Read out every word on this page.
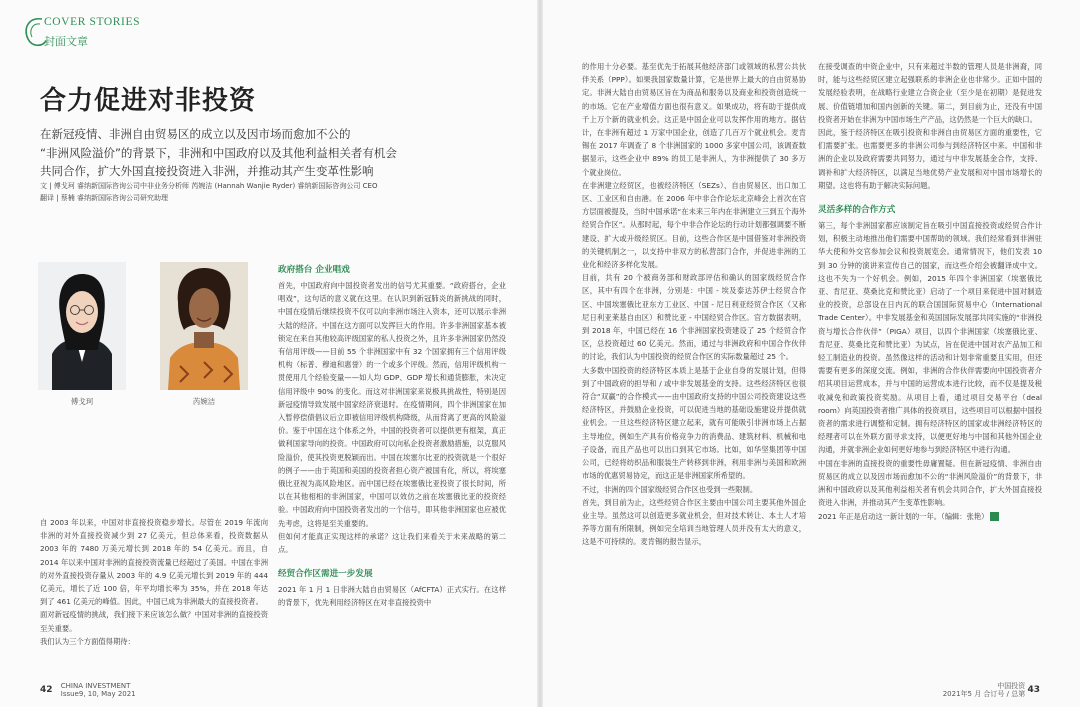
COVER STORIES
封面文章
合力促进对非投资
在新冠疫情、非洲自由贸易区的成立以及因市场而愈加不公的
“非洲风险溢价”的背景下，非洲和中国政府以及其他利益相关者有机会
共同合作，扩大外国直接投资进入非洲，并推动其产生变革性影响
文 | 傅戈珂 睿纳新国际咨询公司中非业务分析师 芮婉洁 (Hannah Wanjie Ryder) 睿纳新国际咨询公司 CEO
翻译 | 蔡楠 睿纳新国际咨询公司研究助理
傅戈珂	芮婉洁

自 2003 年以来，中国对非直接投资稳步增长。尽管在 2019 年流向非洲的对外直接投资减少到 27 亿美元，但总体来看，投资数据从 2003 年的 7480 万美元增长到 2018 年的 54 亿美元。而且，自 2014 年以来中国对非洲的直接投资流量已经超过了美国。中国在非洲的对外直接投资存量从 2003 年的 4.9 亿美元增长到 2019 年的 444 亿美元，增长了近 100 倍，年平均增长率为 35%，并在 2018 年达到了 461 亿美元的峰值。因此，中国已成为非洲最大的直接投资者。

面对新冠疫情的挑战，我们接下来应该怎么做？中国对非洲的直接投资至关重要。

我们认为三个方面值得期待：

政府搭台 企业唱戏

首先，中国政府向中国投资者发出的信号尤其重要。“政府搭台，企业唱戏”，这句话的意义就在这里。在认识到新冠肺炎的新挑战的同时，中国在疫情后继续投资不仅可以向非洲市场注入资本，还可以展示非洲大陆的经济。中国在这方面可以发挥巨大的作用。许多非洲国家基本被锁定在来自其他较高评级国家的私人投资之外，且许多非洲国家仍然没有信用评级——目前 55 个非洲国家中有 32 个国家拥有三个信用评级机构（标普、穆迪和惠誉）的一个或多个评级。然而，信用评级机构一贯使用几个经验变量——如人均 GDP、GDP 增长和通货膨胀，未决定信用评级中 90% 的变化。而这对非洲国家来说极具挑战性，特别是因新冠疫情导致发展中国家经济衰退时。在疫情期间，四个非洲国家在加入暂停偿债倡议后立即被信用评级机构降级，从而背离了更高的风险溢价。鉴于中国在这个体系之外，中国的投资者可以提供更有框架，真正做利国家导向的投资。中国政府可以向私企投资者激励措施，以克服风险溢价，使其投资更脱颖而出。中国在埃塞尔比亚的投资就是一个很好的例子——由于英国和美国的投资者担心资产被国有化，所以，将埃塞俄比亚视为高风险地区。而中国已经在埃塞俄比亚投资了很长时间，所以在其他相相的非洲国家，中国可以效仿之前在埃塞俄比亚的投资经验。中国政府向中国投资者发出的一个信号，即其他非洲国家也应被优先考虑，这将是至关重要的。

但如何才能真正实现这样的承诺？这让我们来看关于未来战略的第二点。

经贸合作区需进一步发展

2021 年 1 月 1 日非洲大陆自由贸易区（AfCFTA）正式实行。在这样的背景下，优先利用经济特区在对非直接投资中

42 CHINA INVESTMENT
Issue9, 10, May 2021

的作用十分必要。基至优先于拓展其他经济部门或领域的私营公共伙伴关系（PPP）。如果我国家数量计算，它是世界上最大的自由贸易协定。非洲大陆自由贸易区旨在为商品和服务以及商业和投资创造统一的市场。它在产业增值方面也很有意义。如果成功，将有助于提供成千上万个新的就业机会。这正是中国企业可以发挥作用的地方。据估计，在非洲有超过 1 万家中国企业，创造了几百万个就业机会。麦肯锡在 2017 年调查了 8 个非洲国家的 1000 多家中国公司，该调查数据显示，这些企业中 89% 的员工是非洲人，为非洲提供了 30 多万个就业岗位。

在非洲建立经贸区，也被经济特区（SEZs）、自由贸易区、出口加工区、工业区和自由港。在 2006 年中非合作论坛北京峰会上首次在官方层面被提及，当时中国承诺“在未来三年内在非洲建立三到五个海外经贸合作区”。从那时起，每个中非合作论坛的行动计划都强调要不断建设、扩大或升级经贸区。目前，这些合作区是中国借鉴对非洲投资的关键机制之一，以支持中非双方的私营部门合作，并促进非洲的工业化和经济多样化发展。

目前，共有 20 个被商务部和财政部评估和确认的国家级经贸合作区，其中有四个在非洲，分别是：中国 - 埃及泰达苏伊士经贸合作区、中国埃塞俄比亚东方工业区、中国 - 尼日利亚经贸合作区（又称尼日利亚莱基自由区）和赞比亚 - 中国经贸合作区。官方数据表明，到 2018 年，中国已经在 16 个非洲国家投资建设了 25 个经贸合作区，总投资超过 60 亿美元。然而，通过与非洲政府和中国合作伙伴的讨论，我们认为中国投资的经贸合作区的实际数量超过 25 个。

大多数中国投资的经济特区本质上是基于企业自身的发展计划，但得到了中国政府的担导和 / 或中非发展基金的支持。这些经济特区也很符合“双赢”的合作模式——由中国政府支持的中国公司投资建设这些经济特区，并鼓励企业投资，可以促进当地的基础设施建设并提供就业机会。一旦这些经济特区建立起来，就有可能吸引非洲市场上占据主导地位，例如生产具有价格竞争力的消费品、建筑材料、机械和电子设备，而且产品也可以出口到其它市场。比如，如华坚集团等中国公司，已经将纺织品和服装生产转移到非洲，利用非洲与美国和欧洲市场的优惠贸易协定，而这正是非洲国家所希望的。

不过，非洲的四个国家级经贸合作区也受到一些限制。

首先，到目前为止，这些经贸合作区主要由中国公司主要其他外国企业主导。虽然这可以创造更多就业机会，但对技术转让、本土人才培养等方面有所限制，例如完全培训当地管理人员并没有太大的意义，这是不可持续的。麦肯锡的报告显示，

在接受调查的中资企业中，只有来超过半数的管理人员是非洲裔，同时，能与这些经贸区建立起强联系的非洲企业也非常少。正如中国的发展经验表明，在战略行业建立合资企业（至少是在初期）是促进发展、价值链增加和国内创新的关键。第二，到目前为止，还没有中国投资者开始在非洲为中国市场生产产品，这仍然是一个巨大的缺口。

因此，鉴于经济特区在吸引投资和非洲自由贸易区方面的重要性，它们需要扩张。也需要更多的非洲公司参与到经济特区中来。中国和非洲的企业以及政府需要共同努力，通过与中非发展基金合作，支持、调补和扩大经济特区，以满足当地优势产业发展和对中国市场增长的期望。这也将有助于解决实际问题。

灵活多样的合作方式

第三，每个非洲国家都应该制定旨在吸引中国直接投资或经贸合作计划，积极主动地推出他们需要中国帮助的领域。我们经常看到非洲驻华大使和外交官参加会议和投资展览会。通常情况下，他们发表 10 到 30 分钟的演讲来宣传自己的国家，而这些介绍会被翻译成中文。这也不失为一个好机会。例如，2015 年四个非洲国家（埃塞俄比亚、肯尼亚、莫桑比克和赞比亚）启动了一个项目来促进中国对制造业的投资，总部设在日内瓦的联合国国际贸易中心（International Trade Center）。中非发展基金和英国国际发展部共同实施的“非洲投资与增长合作伙伴”（PIGA）项目，以四个非洲国家（埃塞俄比亚、肯尼亚、莫桑比克和赞比亚）为试点，旨在促进中国对农产品加工和轻工制造业的投资。虽然像这样的活动和计划非常重要且实用，但还需要有更多的深度交流。例如，非洲的合作伙伴需要向中国投资者介绍其项目运营成本，并与中国的运营成本进行比较，而不仅是提及税收减免和政策投资奖励。从项目上看，通过项目交易平台（deal room）向英国投资者推广具体的投资项目，这些项目可以根据中国投资者的需求进行调整和定制。拥有经济特区的国家或非洲经济特区的经理者可以在外联方面寻求支持，以便更好地与中国和其他外国企业沟通，并就非洲企业如何更好地参与到经济特区中进行沟通。

中国在非洲的直接投资的重要性毋庸置疑。但在新冠疫情、非洲自由贸易区的成立以及因市场而愈加不公的“非洲风险溢价”的背景下，非洲和中国政府以及其他利益相关者有机会共同合作，扩大外国直接投资进入非洲，并推动其产生变革性影响。

2021 年正是启动这一新计划的一年。（编辑：张艳）

中国投资
2021年5 月 合订号 / 总第 43
